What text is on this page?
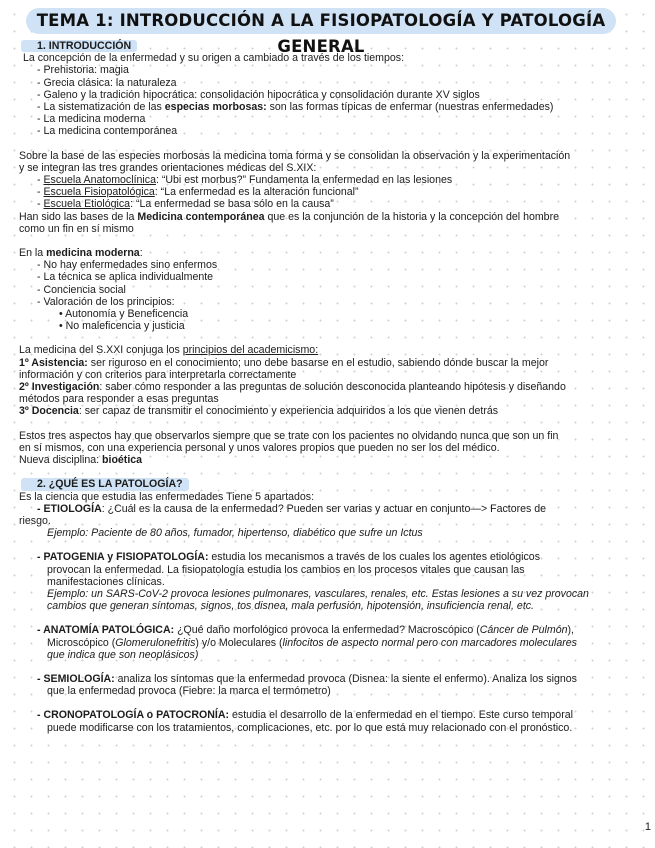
TEMA 1: INTRODUCCIÓN A LA FISIOPATOLOGÍA Y PATOLOGÍA GENERAL
1. INTRODUCCIÓN
La concepción de la enfermedad y su origen a cambiado a través de los tiempos:
- Prehistoria: magia
- Grecia clásica: la naturaleza
- Galeno y la tradición hipocrática: consolidación hipocrática y consolidación durante XV siglos
- La sistematización de las especias morbosas: son las formas típicas de enfermar (nuestras enfermedades)
- La medicina moderna
- La medicina contemporánea
Sobre la base de las especies morbosas la medicina toma forma y se consolidan la observación y la experimentación
y se integran las tres grandes orientaciones médicas del S.XIX:
- Escuela Anatomoclínica: “Ubi est morbus?” Fundamenta la enfermedad en las lesiones
- Escuela Fisiopatológica: “La enfermedad es la alteración funcional”
- Escuela Etiológica: “La enfermedad se basa sólo en la causa”
Han sido las bases de la Medicina contemporánea que es la conjunción de la historia y la concepción del hombre
como un fin en sí mismo
En la medicina moderna:
- No hay enfermedades sino enfermos
- La técnica se aplica individualmente
- Conciencia social
- Valoración de los principios:
• Autonomía y Beneficencia
• No maleficencia y justicia
La medicina del S.XXI conjuga los principios del academicismo:
1º Asistencia: ser riguroso en el conocimiento; uno debe basarse en el estudio, sabiendo dónde buscar la mejor
información y con criterios para interpretarla correctamente
2º Investigación: saber cómo responder a las preguntas de solución desconocida planteando hipótesis y diseñando
métodos para responder a esas preguntas
3º Docencia: ser capaz de transmitir el conocimiento y experiencia adquiridos a los que vienen detrás
Estos tres aspectos hay que observarlos siempre que se trate con los pacientes no olvidando nunca que son un fin
en sí mismos, con una experiencia personal y unos valores propios que pueden no ser los del médico.
Nueva disciplina: bioética
2. ¿QUÉ ES LA PATOLOGÍA?
Es la ciencia que estudia las enfermedades Tiene 5 apartados:
- ETIOLOGÍA: ¿Cuál es la causa de la enfermedad? Pueden ser varias y actuar en conjunto—> Factores de
riesgo.
Ejemplo: Paciente de 80 años, fumador, hipertenso, diabético que sufre un Ictus
- PATOGENIA y FISIOPATOLOGÍA: estudia los mecanismos a través de los cuales los agentes etiológicos
provocan la enfermedad. La fisiopatología estudia los cambios en los procesos vitales que causan las
manifestaciones clínicas.
Ejemplo: un SARS-CoV-2 provoca lesiones pulmonares, vasculares, renales, etc. Estas lesiones a su vez provocan
cambios que generan síntomas, signos, tos disnea, mala perfusión, hipotensión, insuficiencia renal, etc.
- ANATOMÍA PATOLÓGICA: ¿Qué daño morfológico provoca la enfermedad? Macroscópico (Cáncer de Pulmón),
Microscópico (Glomerulonefritis) y/o Moleculares (linfocitos de aspecto normal pero con marcadores moleculares
que indica que son neoplásicos)
- SEMIOLOGÍA: analiza los síntomas que la enfermedad provoca (Disnea: la siente el enfermo). Analiza los signos
que la enfermedad provoca (Fiebre: la marca el termómetro)
- CRONOPATOLOGÍA o PATOCRONÍA: estudia el desarrollo de la enfermedad en el tiempo. Este curso temporal
puede modificarse con los tratamientos, complicaciones, etc. por lo que está muy relacionado con el pronóstico.
1
